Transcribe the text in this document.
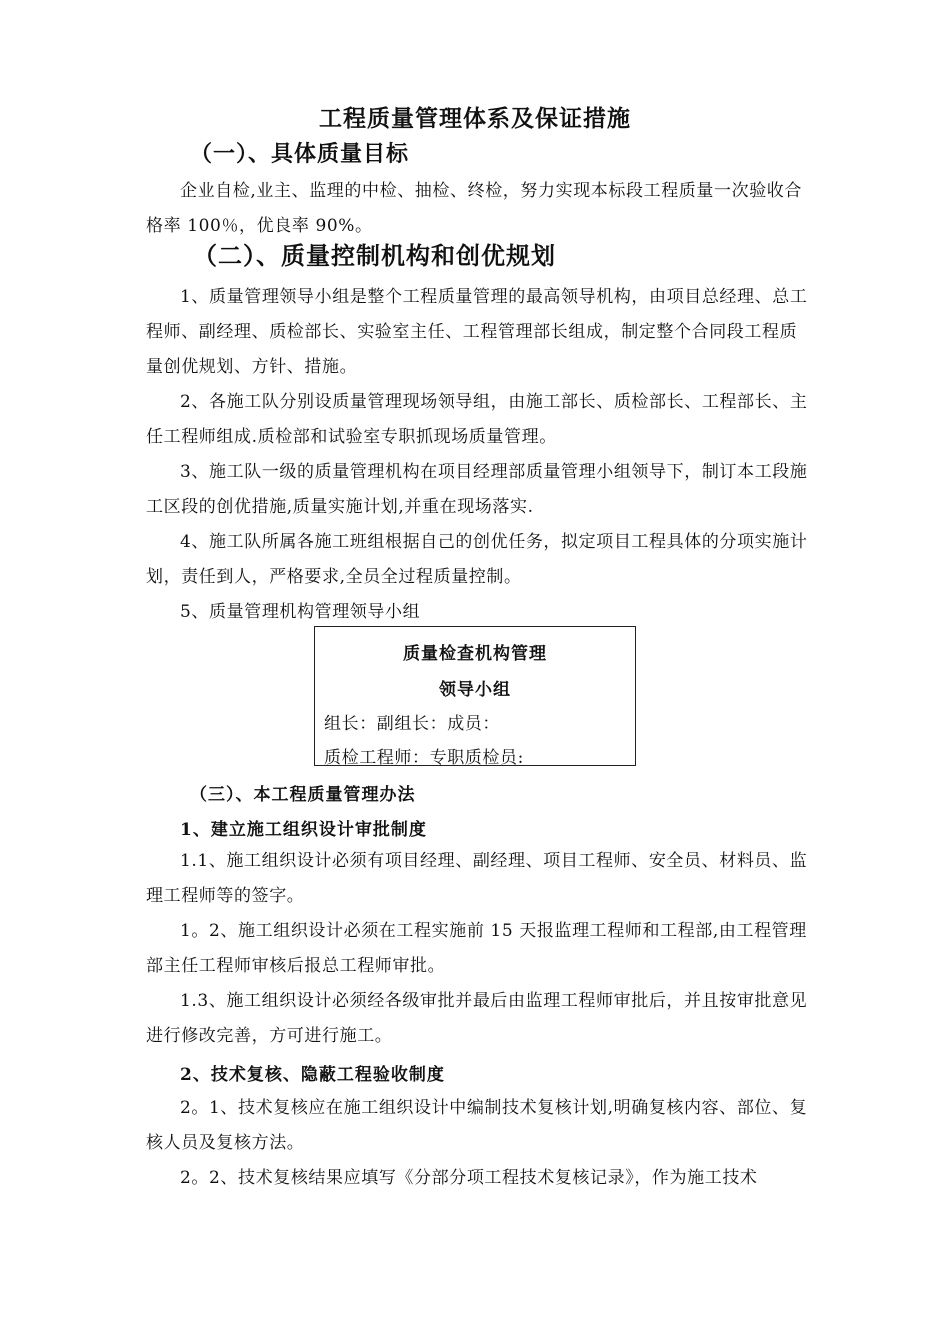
工程质量管理体系及保证措施
（一）、具体质量目标
企业自检,业主、监理的中检、抽检、终检，努力实现本标段工程质量一次验收合格率 100％，优良率 90%。
（二）、质量控制机构和创优规划
1、质量管理领导小组是整个工程质量管理的最高领导机构，由项目总经理、总工程师、副经理、质检部长、实验室主任、工程管理部长组成，制定整个合同段工程质量创优规划、方针、措施。
2、各施工队分别设质量管理现场领导组，由施工部长、质检部长、工程部长、主任工程师组成.质检部和试验室专职抓现场质量管理。
3、施工队一级的质量管理机构在项目经理部质量管理小组领导下，制订本工段施工区段的创优措施,质量实施计划,并重在现场落实.
4、施工队所属各施工班组根据自己的创优任务，拟定项目工程具体的分项实施计划，责任到人，严格要求,全员全过程质量控制。
5、质量管理机构管理领导小组
质量检查机构管理
领导小组
组长：副组长：成员：
质检工程师：专职质检员:
（三）、本工程质量管理办法
1、建立施工组织设计审批制度
1.1、施工组织设计必须有项目经理、副经理、项目工程师、安全员、材料员、监理工程师等的签字。
1。2、施工组织设计必须在工程实施前 15 天报监理工程师和工程部,由工程管理部主任工程师审核后报总工程师审批。
1.3、施工组织设计必须经各级审批并最后由监理工程师审批后，并且按审批意见进行修改完善，方可进行施工。
2、技术复核、隐蔽工程验收制度
2。1、技术复核应在施工组织设计中编制技术复核计划,明确复核内容、部位、复核人员及复核方法。
2。2、技术复核结果应填写《分部分项工程技术复核记录》，作为施工技术
